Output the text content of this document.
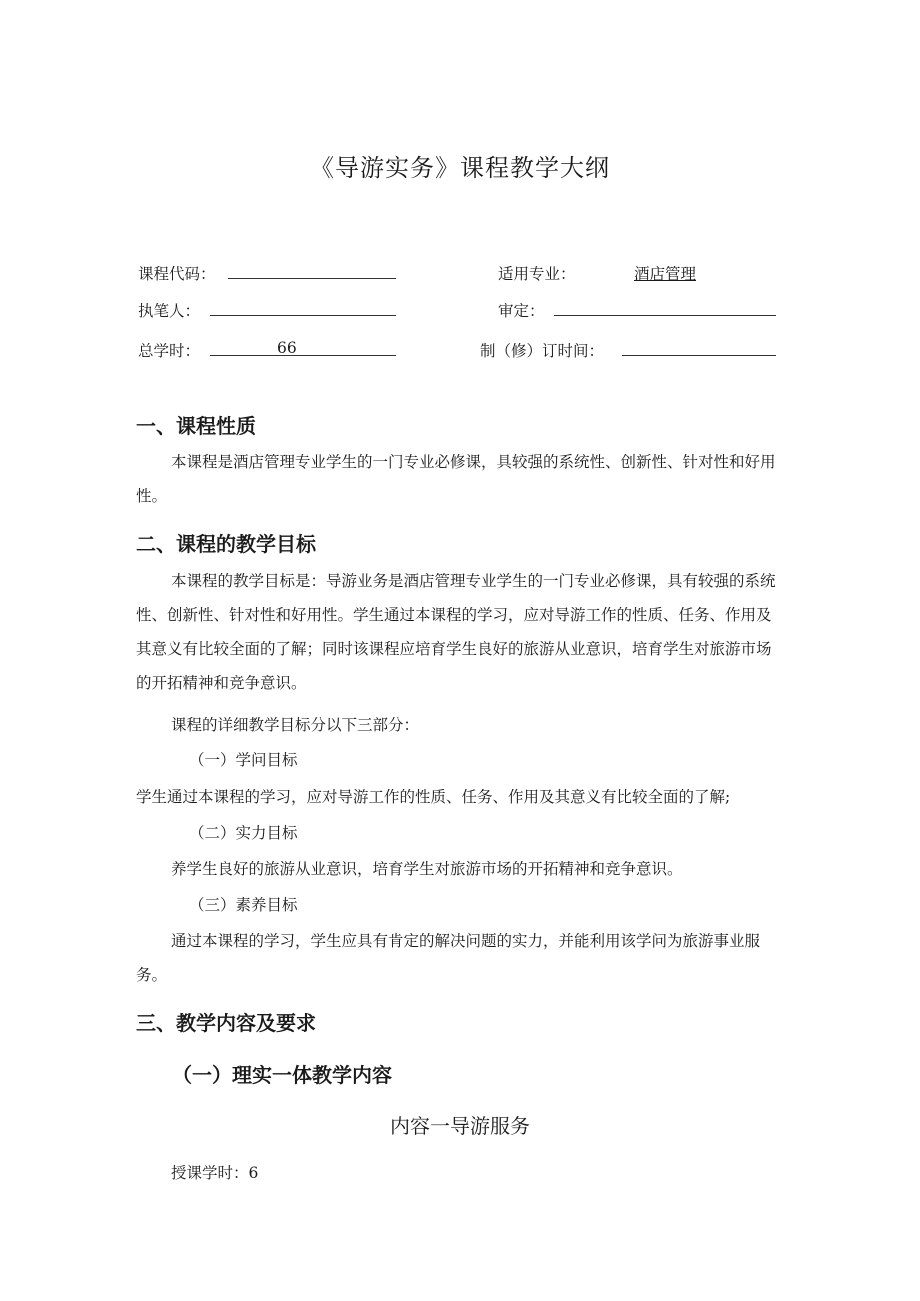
《导游实务》课程教学大纲
课程代码：	适用专业：	酒店管理
执笔人：	审定：
总学时：	66	制（修）订时间：
一、课程性质
本课程是酒店管理专业学生的一门专业必修课，具较强的系统性、创新性、针对性和好用性。
二、课程的教学目标
本课程的教学目标是：导游业务是酒店管理专业学生的一门专业必修课，具有较强的系统性、创新性、针对性和好用性。学生通过本课程的学习，应对导游工作的性质、任务、作用及其意义有比较全面的了解；同时该课程应培育学生良好的旅游从业意识，培育学生对旅游市场的开拓精神和竞争意识。
课程的详细教学目标分以下三部分：
（一）学问目标
学生通过本课程的学习，应对导游工作的性质、任务、作用及其意义有比较全面的了解;
（二）实力目标
养学生良好的旅游从业意识，培育学生对旅游市场的开拓精神和竞争意识。
（三）素养目标
通过本课程的学习，学生应具有肯定的解决问题的实力，并能利用该学问为旅游事业服务。
三、教学内容及要求
（一）理实一体教学内容
内容一导游服务
授课学时：6
